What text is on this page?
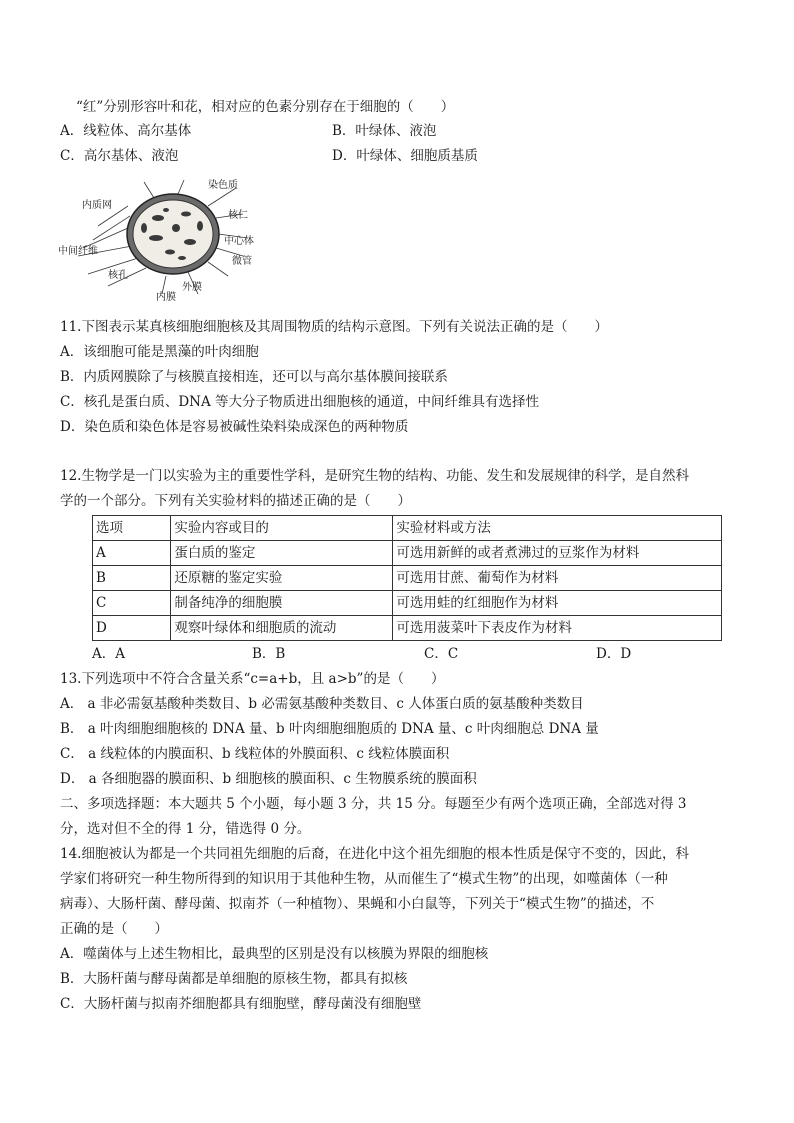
“红”分别形容叶和花，相对应的色素分别存在于细胞的（　　）
A．线粒体、高尔基体	B．叶绿体、液泡
C．高尔基体、液泡	D．叶绿体、细胞质基质
染色质
内质网
核仁
中心体
微管
中间纤维
核孔
外膜
内膜
11.下图表示某真核细胞细胞核及其周围物质的结构示意图。下列有关说法正确的是（　　）
A．该细胞可能是黑藻的叶肉细胞
B．内质网膜除了与核膜直接相连，还可以与高尔基体膜间接联系
C．核孔是蛋白质、DNA 等大分子物质进出细胞核的通道，中间纤维具有选择性
D．染色质和染色体是容易被碱性染料染成深色的两种物质
12.生物学是一门以实验为主的重要性学科，是研究生物的结构、功能、发生和发展规律的科学，是自然科
学的一个部分。下列有关实验材料的描述正确的是（　　）
选项	实验内容或目的	实验材料或方法
A	蛋白质的鉴定	可选用新鲜的或者煮沸过的豆浆作为材料
B	还原糖的鉴定实验	可选用甘蔗、葡萄作为材料
C	制备纯净的细胞膜	可选用蛙的红细胞作为材料
D	观察叶绿体和细胞质的流动	可选用菠菜叶下表皮作为材料
A．A	B．B	C．C	D．D
13.下列选项中不符合含量关系“c=a+b，且 a>b”的是（　　）
A． a 非必需氨基酸种类数目、b 必需氨基酸种类数目、c 人体蛋白质的氨基酸种类数目
B． a 叶肉细胞细胞核的 DNA 量、b 叶肉细胞细胞质的 DNA 量、c 叶肉细胞总 DNA 量
C． a 线粒体的内膜面积、b 线粒体的外膜面积、c 线粒体膜面积
D． a 各细胞器的膜面积、b 细胞核的膜面积、c 生物膜系统的膜面积
二、多项选择题：本大题共 5 个小题，每小题 3 分，共 15 分。每题至少有两个选项正确，全部选对得 3
分，选对但不全的得 1 分，错选得 0 分。
14.细胞被认为都是一个共同祖先细胞的后裔，在进化中这个祖先细胞的根本性质是保守不变的，因此，科
学家们将研究一种生物所得到的知识用于其他种生物，从而催生了“模式生物”的出现，如噬菌体（一种
病毒）、大肠杆菌、酵母菌、拟南芥（一种植物）、果蝇和小白鼠等，下列关于“模式生物”的描述，不
正确的是（　　）
A．噬菌体与上述生物相比，最典型的区别是没有以核膜为界限的细胞核
B．大肠杆菌与酵母菌都是单细胞的原核生物，都具有拟核
C．大肠杆菌与拟南芥细胞都具有细胞壁，酵母菌没有细胞壁
